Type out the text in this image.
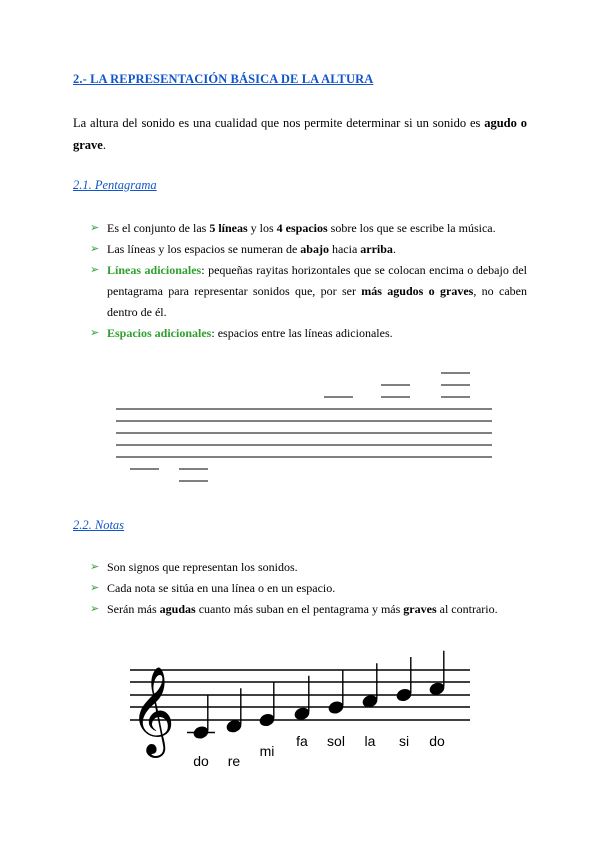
2.- LA REPRESENTACIÓN BÁSICA DE LA ALTURA

La altura del sonido es una cualidad que nos permite determinar si un sonido es agudo o grave.

2.1. Pentagrama
➢ Es el conjunto de las 5 líneas y los 4 espacios sobre los que se escribe la música.
➢ Las líneas y los espacios se numeran de abajo hacia arriba.
➢ Líneas adicionales: pequeñas rayitas horizontales que se colocan encima o debajo del pentagrama para representar sonidos que, por ser más agudos o graves, no caben dentro de él.
➢ Espacios adicionales: espacios entre las líneas adicionales.
2.2. Notas
➢ Son signos que representan los sonidos.
➢ Cada nota se sitúa en una línea o en un espacio.
➢ Serán más agudas cuanto más suban en el pentagrama y más graves al contrario.
𝄞
do re
mi
fa sol la si do
